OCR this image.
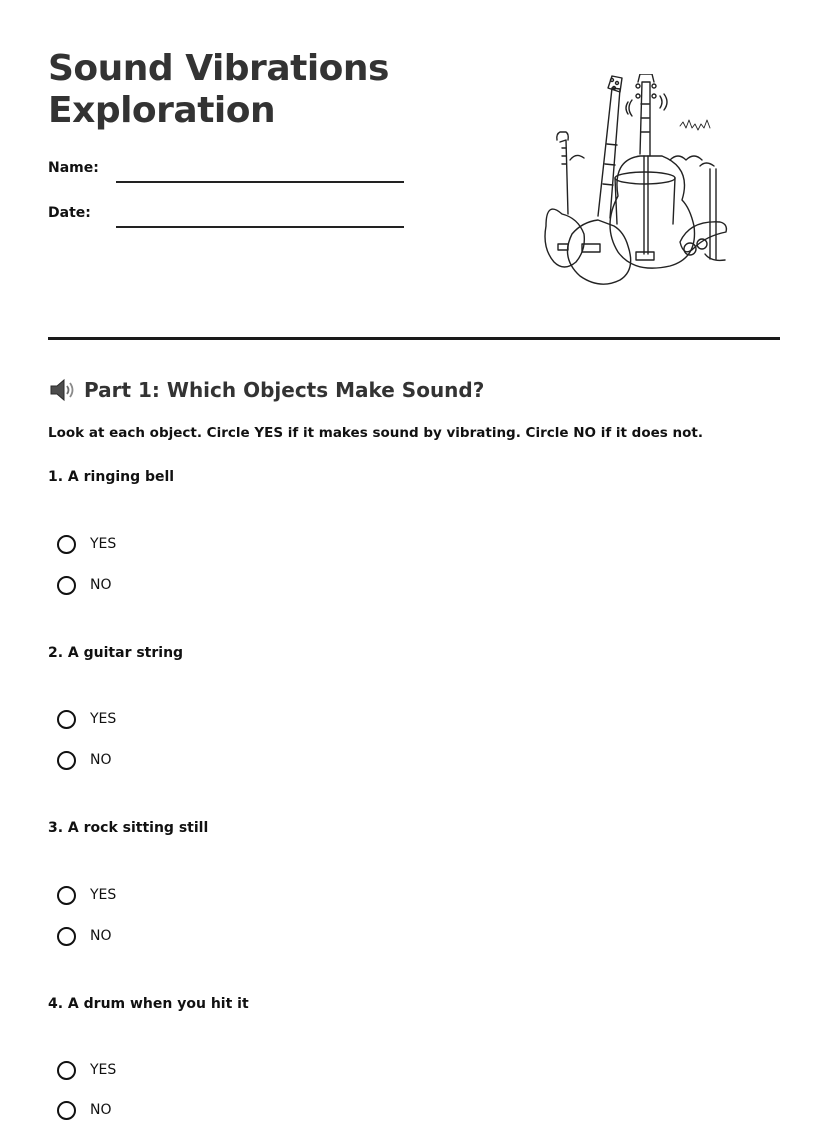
Sound Vibrations
Exploration
Name:
Date:
Part 1: Which Objects Make Sound?
Look at each object. Circle YES if it makes sound by vibrating. Circle NO if it does not.
1. A ringing bell
YES
NO
2. A guitar string
YES
NO
3. A rock sitting still
YES
NO
4. A drum when you hit it
YES
NO
